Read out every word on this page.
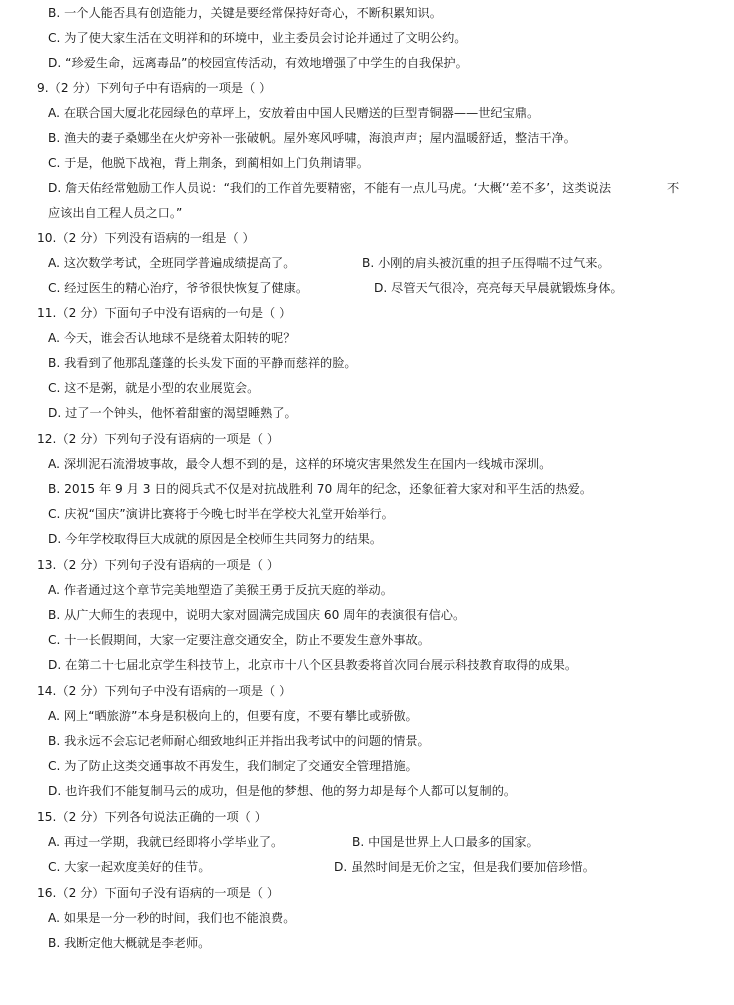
B. 一个人能否具有创造能力，关键是要经常保持好奇心，不断积累知识。
C. 为了使大家生活在文明祥和的环境中，业主委员会讨论并通过了文明公约。
D. “珍爱生命，远离毒品”的校园宣传活动，有效地增强了中学生的自我保护。
9.（2 分）下列句子中有语病的一项是（ ）
A. 在联合国大厦北花园绿色的草坪上，安放着由中国人民赠送的巨型青铜器——世纪宝鼎。
B. 渔夫的妻子桑娜坐在火炉旁补一张破帆。屋外寒风呼啸，海浪声声；屋内温暖舒适，整洁干净。
C. 于是，他脱下战袍，背上荆条，到蔺相如上门负荆请罪。
D. 詹天佑经常勉励工作人员说：“我们的工作首先要精密，不能有一点儿马虎。‘大概’‘差不多’，这类说法	不
应该出自工程人员之口。”
10.（2 分）下列没有语病的一组是（ ）
A. 这次数学考试，全班同学普遍成绩提高了。	B. 小刚的肩头被沉重的担子压得喘不过气来。
C. 经过医生的精心治疗，爷爷很快恢复了健康。	D. 尽管天气很冷，亮亮每天早晨就锻炼身体。
11.（2 分）下面句子中没有语病的一句是（ ）
A. 今天，谁会否认地球不是绕着太阳转的呢？
B. 我看到了他那乱蓬蓬的长头发下面的平静而慈祥的脸。
C. 这不是粥，就是小型的农业展览会。
D. 过了一个钟头，他怀着甜蜜的渴望睡熟了。
12.（2 分）下列句子没有语病的一项是（ ）
A. 深圳泥石流滑坡事故，最令人想不到的是，这样的环境灾害果然发生在国内一线城市深圳。
B. 2015 年 9 月 3 日的阅兵式不仅是对抗战胜利 70 周年的纪念，还象征着大家对和平生活的热爱。
C. 庆祝“国庆”演讲比赛将于今晚七时半在学校大礼堂开始举行。
D. 今年学校取得巨大成就的原因是全校师生共同努力的结果。
13.（2 分）下列句子没有语病的一项是（ ）
A. 作者通过这个章节完美地塑造了美猴王勇于反抗天庭的举动。
B. 从广大师生的表现中，说明大家对圆满完成国庆 60 周年的表演很有信心。
C. 十一长假期间，大家一定要注意交通安全，防止不要发生意外事故。
D. 在第二十七届北京学生科技节上，北京市十八个区县教委将首次同台展示科技教育取得的成果。
14.（2 分）下列句子中没有语病的一项是（ ）
A. 网上“晒旅游”本身是积极向上的，但要有度，不要有攀比或骄傲。
B. 我永远不会忘记老师耐心细致地纠正并指出我考试中的问题的情景。
C. 为了防止这类交通事故不再发生，我们制定了交通安全管理措施。
D. 也许我们不能复制马云的成功，但是他的梦想、他的努力却是每个人都可以复制的。
15.（2 分）下列各句说法正确的一项（ ）
A. 再过一学期，我就已经即将小学毕业了。	B. 中国是世界上人口最多的国家。
C. 大家一起欢度美好的佳节。	D. 虽然时间是无价之宝，但是我们要加倍珍惜。
16.（2 分）下面句子没有语病的一项是（ ）
A. 如果是一分一秒的时间，我们也不能浪费。
B. 我断定他大概就是李老师。
